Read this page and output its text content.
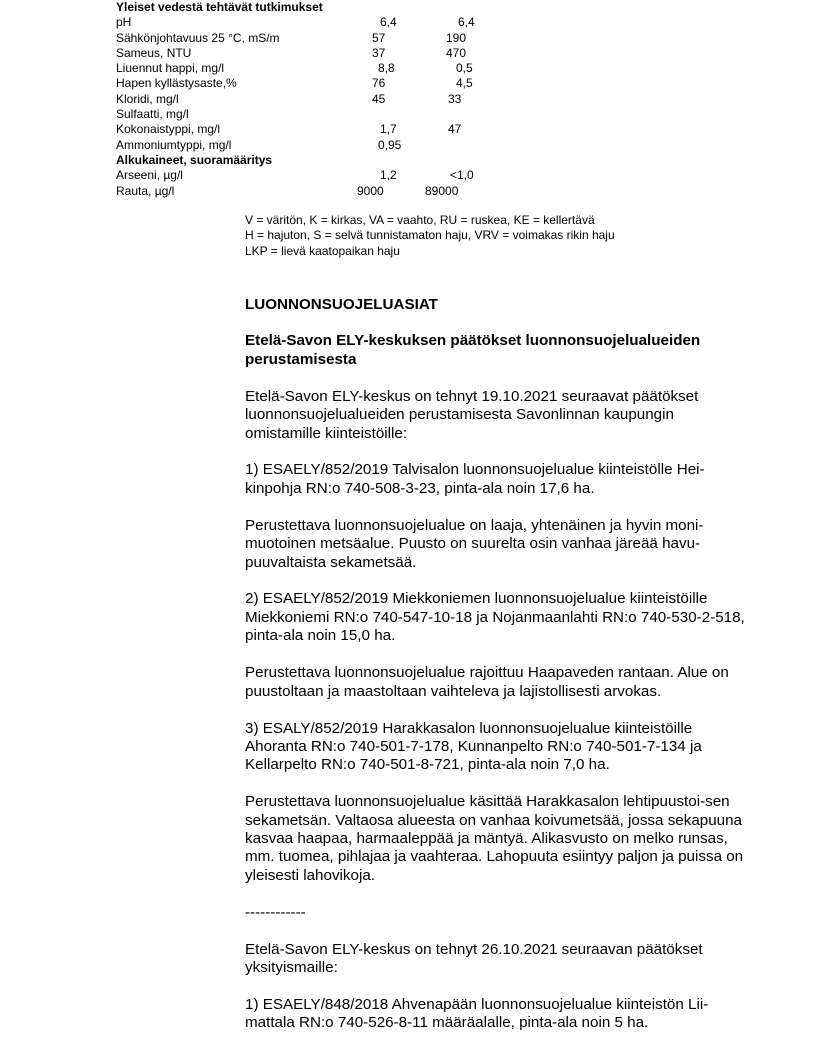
Yleiset vedestä tehtävät tutkimukset
pH	6,4	6,4
Sähkönjohtavuus 25 °C, mS/m	57	190
Sameus, NTU	37	470
Liuennut happi, mg/l	8,8	0,5
Hapen kyllästysaste,%	76	4,5
Kloridi, mg/l	45	33
Sulfaatti, mg/l
Kokonaistyppi, mg/l	1,7	47
Ammoniumtyppi, mg/l	0,95
Alkukaineet, suoramääritys
Arseeni, µg/l	1,2	<1,0
Rauta, µg/l	9000	89000
V = väritön, K = kirkas, VA = vaahto, RU = ruskea, KE = kellertävä
H = hajuton, S = selvä tunnistamaton haju, VRV = voimakas rikin haju
LKP = lievä kaatopaikan haju

LUONNONSUOJELUASIAT

Etelä-Savon ELY-keskuksen päätökset luonnonsuojelualueiden perustamisesta

Etelä-Savon ELY-keskus on tehnyt 19.10.2021 seuraavat päätökset luonnonsuojelualueiden perustamisesta Savonlinnan kaupungin omistamille kiinteistöille:

1) ESAELY/852/2019 Talvisalon luonnonsuojelualue kiinteistölle Hei-kinpohja RN:o 740-508-3-23, pinta-ala noin 17,6 ha.

Perustettava luonnonsuojelualue on laaja, yhtenäinen ja hyvin moni-muotoinen metsäalue. Puusto on suurelta osin vanhaa järeää havu-puuvaltaista sekametsää.

2) ESAELY/852/2019 Miekkoniemen luonnonsuojelualue kiinteistöille Miekkoniemi RN:o 740-547-10-18 ja Nojanmaanlahti RN:o 740-530-2-518, pinta-ala noin 15,0 ha.

Perustettava luonnonsuojelualue rajoittuu Haapaveden rantaan. Alue on puustoltaan ja maastoltaan vaihteleva ja lajistollisesti arvokas.

3) ESALY/852/2019 Harakkasalon luonnonsuojelualue kiinteistöille Ahoranta RN:o 740-501-7-178, Kunnanpelto RN:o 740-501-7-134 ja Kellarpelto RN:o 740-501-8-721, pinta-ala noin 7,0 ha.

Perustettava luonnonsuojelualue käsittää Harakkasalon lehtipuustoi-sen sekametsän. Valtaosa alueesta on vanhaa koivumetsää, jossa sekapuuna kasvaa haapaa, harmaaleppää ja mäntyä. Alikasvusto on melko runsas, mm. tuomea, pihlajaa ja vaahteraa. Lahopuuta esiintyy paljon ja puissa on yleisesti lahovikoja.

------------

Etelä-Savon ELY-keskus on tehnyt 26.10.2021 seuraavan päätökset yksityismaille:

1) ESAELY/848/2018 Ahvenapään luonnonsuojelualue kiinteistön Lii-mattala RN:o 740-526-8-11 määräalalle, pinta-ala noin 5 ha.
